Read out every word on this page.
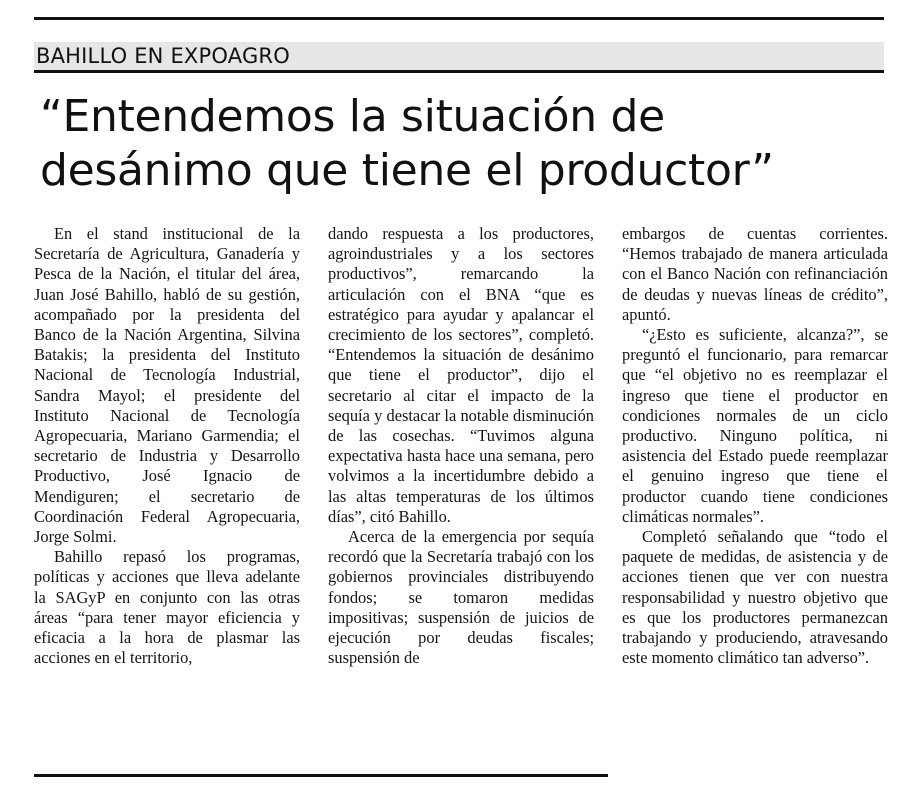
BAHILLO EN EXPOAGRO
“Entendemos la situación de desánimo que tiene el productor”

En el stand institucional de la Secretaría de Agricultura, Ganadería y Pesca de la Nación, el titular del área, Juan José Bahillo, habló de su gestión, acompañado por la presidenta del Banco de la Nación Argentina, Silvina Batakis; la presidenta del Instituto Nacional de Tecnología Industrial, Sandra Mayol; el presidente del Instituto Nacional de Tecnología Agropecuaria, Mariano Garmendia; el secretario de Industria y Desarrollo Productivo, José Ignacio de Mendiguren; el secretario de Coordinación Federal Agropecuaria, Jorge Solmi.

Bahillo repasó los programas, políticas y acciones que lleva adelante la SAGyP en conjunto con las otras áreas “para tener mayor eficiencia y eficacia a la hora de plasmar las acciones en el territorio,

dando respuesta a los productores, agroindustriales y a los sectores productivos”, remarcando la articulación con el BNA “que es estratégico para ayudar y apalancar el crecimiento de los sectores”, completó. “Entendemos la situación de desánimo que tiene el productor”, dijo el secretario al citar el impacto de la sequía y destacar la notable disminución de las cosechas. “Tuvimos alguna expectativa hasta hace una semana, pero volvimos a la incertidumbre debido a las altas temperaturas de los últimos días”, citó Bahillo.

Acerca de la emergencia por sequía recordó que la Secretaría trabajó con los gobiernos provinciales distribuyendo fondos; se tomaron medidas impositivas; suspensión de juicios de ejecución por deudas fiscales; suspensión de

embargos de cuentas corrientes. “Hemos trabajado de manera articulada con el Banco Nación con refinanciación de deudas y nuevas líneas de crédito”, apuntó.

“¿Esto es suficiente, alcanza?”, se preguntó el funcionario, para remarcar que “el objetivo no es reemplazar el ingreso que tiene el productor en condiciones normales de un ciclo productivo. Ninguno política, ni asistencia del Estado puede reemplazar el genuino ingreso que tiene el productor cuando tiene condiciones climáticas normales”.

Completó señalando que “todo el paquete de medidas, de asistencia y de acciones tienen que ver con nuestra responsabilidad y nuestro objetivo que es que los productores permanezcan trabajando y produciendo, atravesando este momento climático tan adverso”.
